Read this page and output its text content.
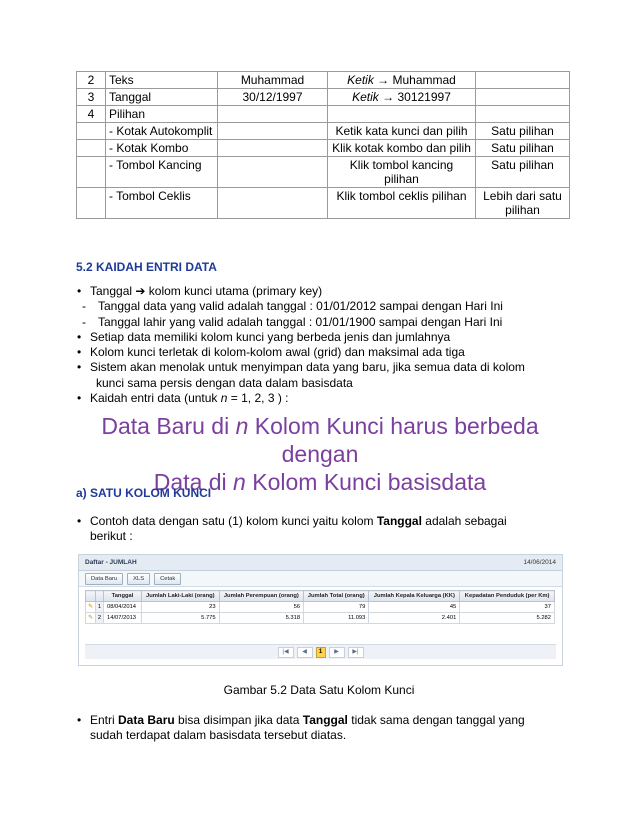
2	Teks	Muhammad	Ketik → Muhammad	
3	Tanggal	30/12/1997	Ketik → 30121997	
4	Pilihan			
	- Kotak Autokomplit		Ketik kata kunci dan pilih	Satu pilihan
	- Kotak Kombo		Klik kotak kombo dan pilih	Satu pilihan
	- Tombol Kancing		Klik tombol kancing pilihan	Satu pilihan
	- Tombol Ceklis		Klik tombol ceklis pilihan	Lebih dari satu pilihan
5.2 KAIDAH ENTRI DATA
• Tanggal ➔ kolom kunci utama (primary key)
- Tanggal data yang valid adalah tanggal : 01/01/2012 sampai dengan Hari Ini
- Tanggal lahir yang valid adalah tanggal : 01/01/1900 sampai dengan Hari Ini
• Setiap data memiliki kolom kunci yang berbeda jenis dan jumlahnya
• Kolom kunci terletak di kolom-kolom awal (grid) dan maksimal ada tiga
• Sistem akan menolak untuk menyimpan data yang baru, jika semua data di kolom
kunci sama persis dengan data dalam basisdata
• Kaidah entri data (untuk n = 1, 2, 3 ) :
Data Baru di n Kolom Kunci harus berbeda dengan
Data di n Kolom Kunci basisdata
a) SATU KOLOM KUNCI

• Contoh data dengan satu (1) kolom kunci yaitu kolom Tanggal adalah sebagai
berikut :

Daftar - JUMLAH	14/06/2014
Data Baru	XLS	Cetak
		Tanggal	Jumlah Laki-Laki (orang)	Jumlah Perempuan (orang)	Jumlah Total (orang)	Jumlah Kepala Keluarga (KK)	Kepadatan Penduduk (per Km)
✎	1	08/04/2014	23	56	79	45	37
✎	2	14/07/2013	5.775	5.318	11.093	2.401	5.282
|◀	◀	1	▶	▶|

Gambar 5.2 Data Satu Kolom Kunci

• Entri Data Baru bisa disimpan jika data Tanggal tidak sama dengan tanggal yang
sudah terdapat dalam basisdata tersebut diatas.
